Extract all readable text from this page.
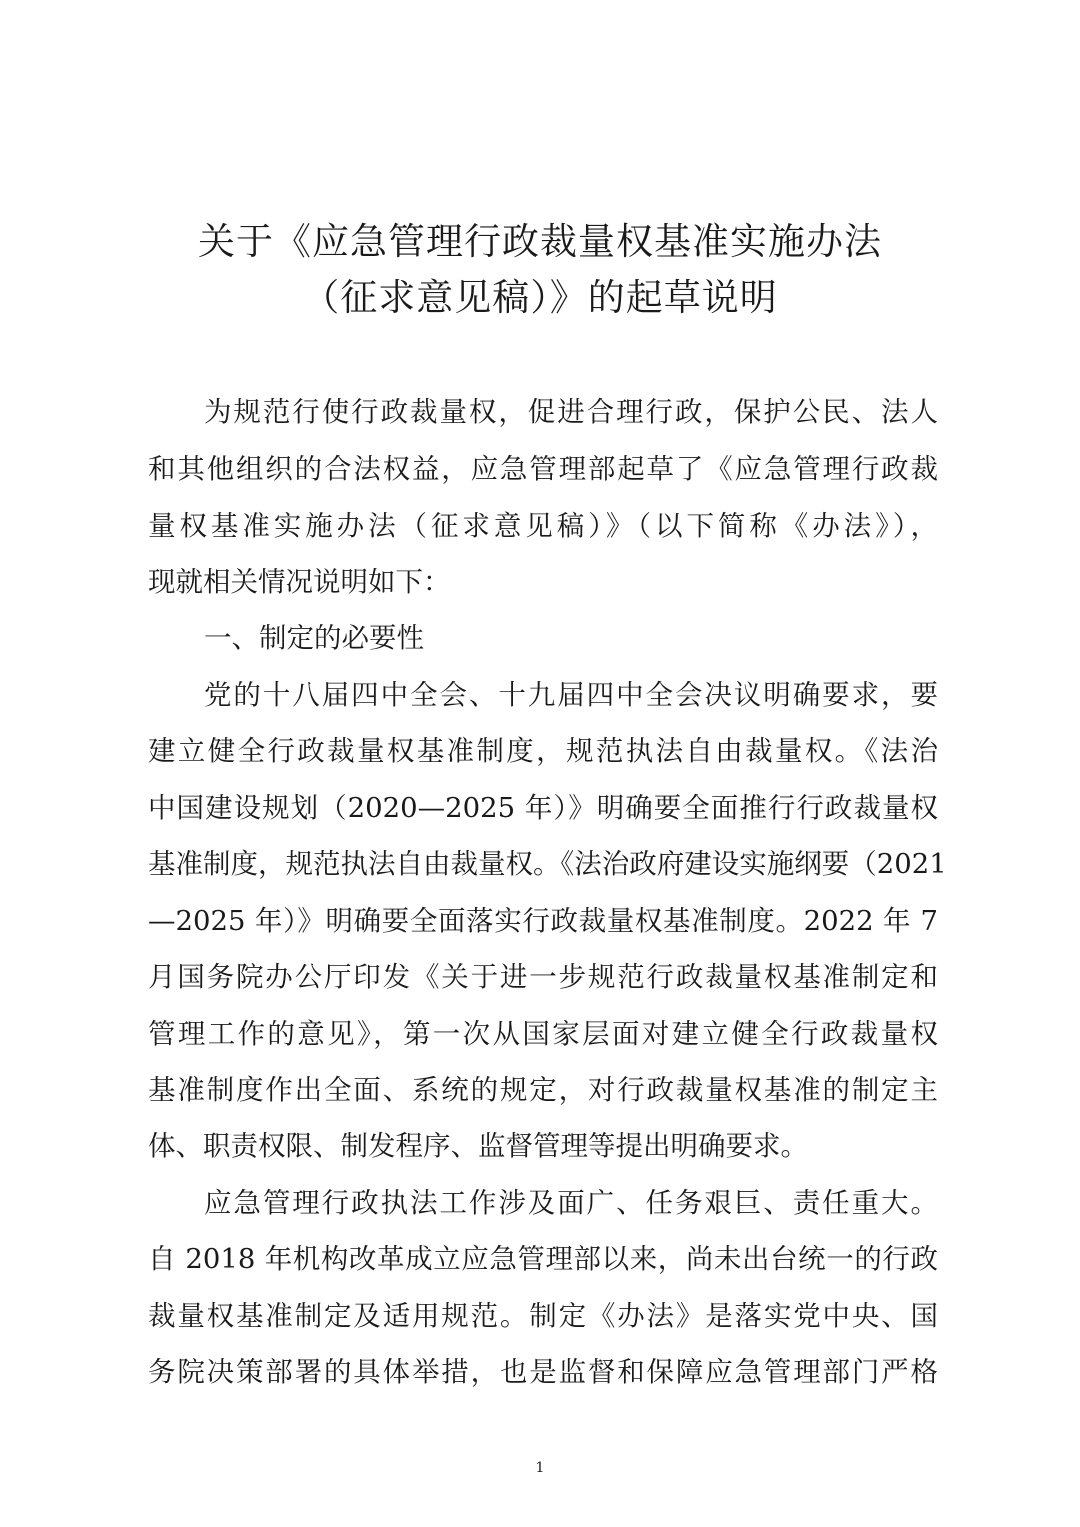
关于《应急管理行政裁量权基准实施办法
（征求意见稿）》的起草说明
为规范行使行政裁量权，促进合理行政，保护公民、法人
和其他组织的合法权益，应急管理部起草了《应急管理行政裁
量权基准实施办法（征求意见稿）》（以下简称《办法》），
现就相关情况说明如下：
一、制定的必要性
党的十八届四中全会、十九届四中全会决议明确要求，要
建立健全行政裁量权基准制度，规范执法自由裁量权。《法治
中国建设规划（2020—2025 年）》明确要全面推行行政裁量权
基准制度，规范执法自由裁量权。《法治政府建设实施纲要（2021
—2025 年）》明确要全面落实行政裁量权基准制度。2022 年 7
月国务院办公厅印发《关于进一步规范行政裁量权基准制定和
管理工作的意见》，第一次从国家层面对建立健全行政裁量权
基准制度作出全面、系统的规定，对行政裁量权基准的制定主
体、职责权限、制发程序、监督管理等提出明确要求。
应急管理行政执法工作涉及面广、任务艰巨、责任重大。
自 2018 年机构改革成立应急管理部以来，尚未出台统一的行政
裁量权基准制定及适用规范。制定《办法》是落实党中央、国
务院决策部署的具体举措，也是监督和保障应急管理部门严格
1
